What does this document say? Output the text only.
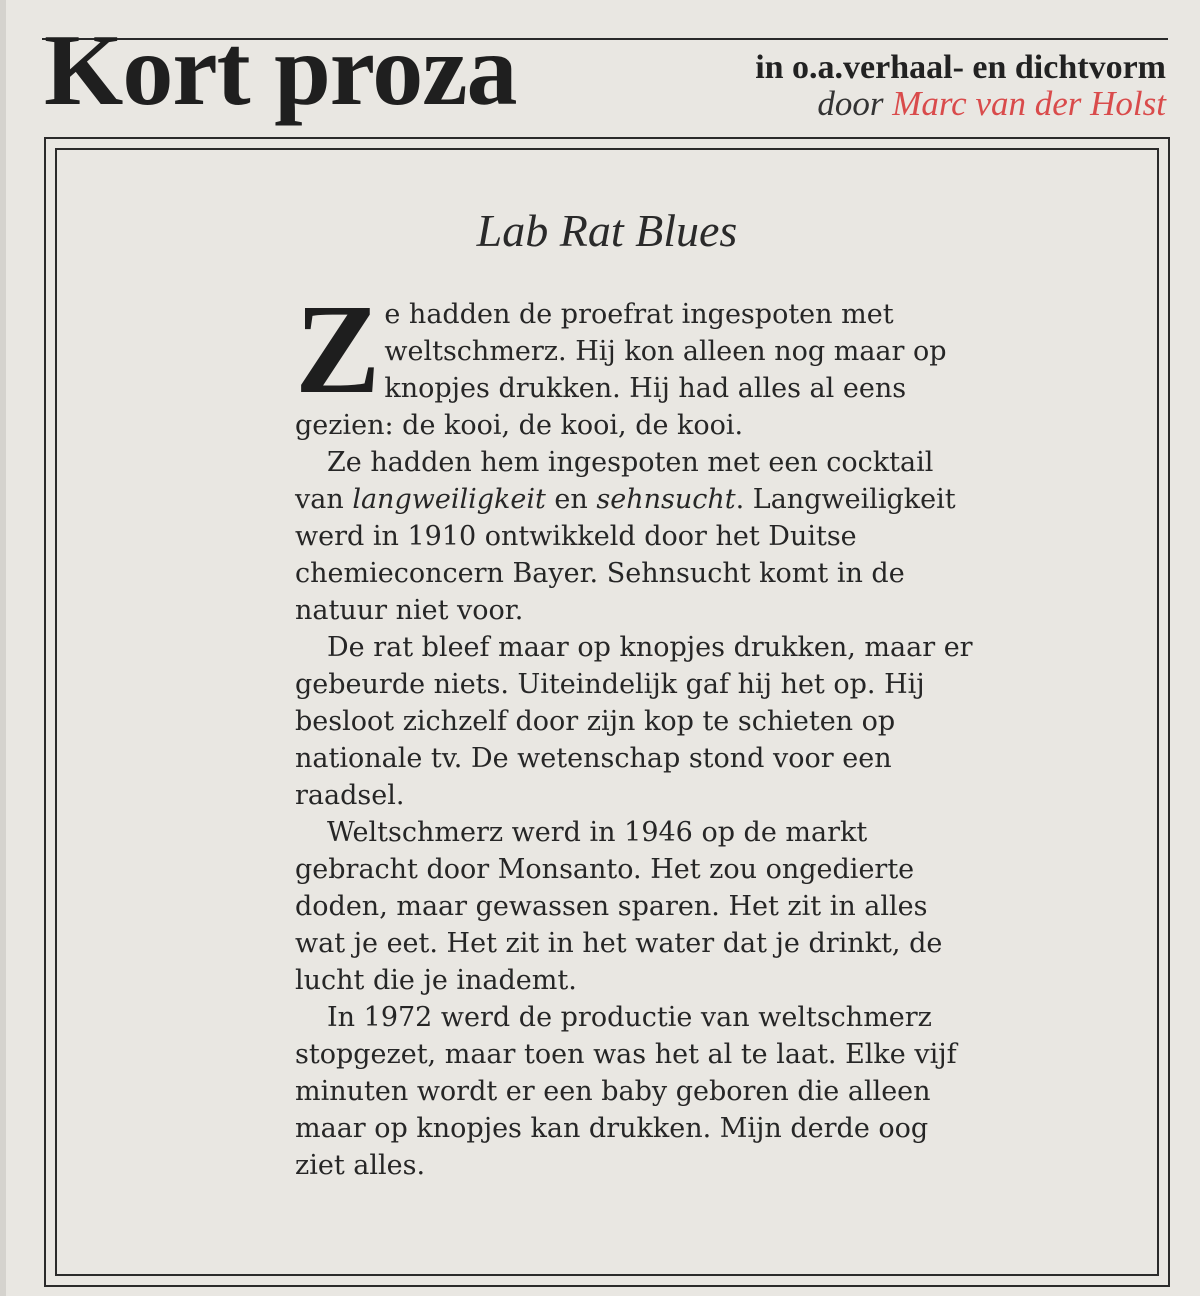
Kort proza	in o.a.verhaal- en dichtvorm
door Marc van der Holst
Lab Rat Blues

Ze hadden de proefrat ingespoten met weltschmerz. Hij kon alleen nog maar op knopjes drukken. Hij had alles al eens gezien: de kooi, de kooi, de kooi.

Ze hadden hem ingespoten met een cocktail van langweiligkeit en sehnsucht. Langweiligkeit werd in 1910 ontwikkeld door het Duitse chemieconcern Bayer. Sehnsucht komt in de natuur niet voor.

De rat bleef maar op knopjes drukken, maar er gebeurde niets. Uiteindelijk gaf hij het op. Hij besloot zichzelf door zijn kop te schieten op nationale tv. De wetenschap stond voor een raadsel.

Weltschmerz werd in 1946 op de markt gebracht door Monsanto. Het zou ongedierte doden, maar gewassen sparen. Het zit in alles wat je eet. Het zit in het water dat je drinkt, de lucht die je inademt.

In 1972 werd de productie van weltschmerz stopgezet, maar toen was het al te laat. Elke vijf minuten wordt er een baby geboren die alleen maar op knopjes kan drukken. Mijn derde oog ziet alles.
